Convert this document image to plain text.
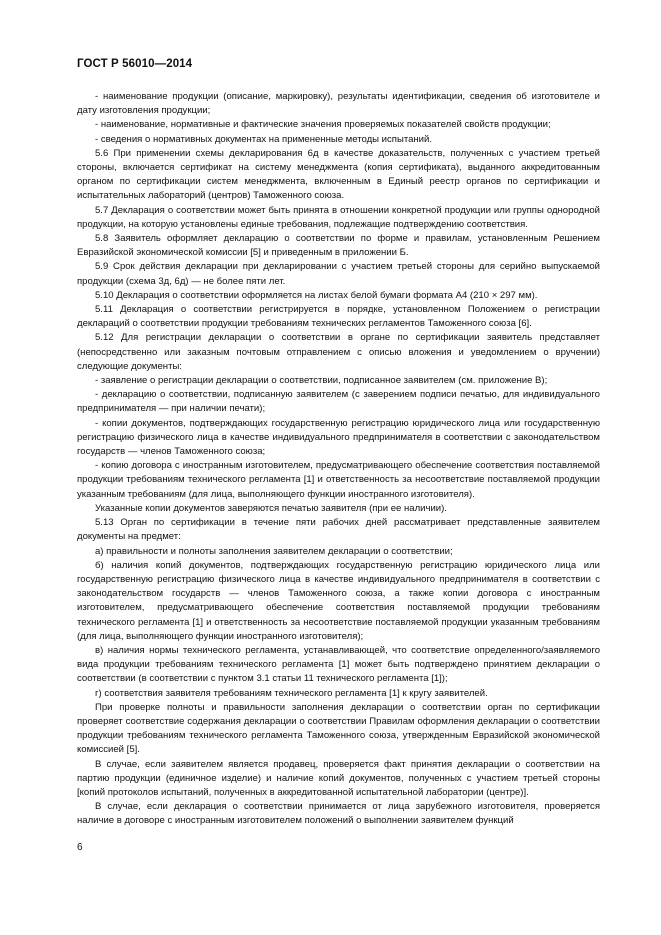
ГОСТ Р 56010—2014

- наименование продукции (описание, маркировку), результаты идентификации, сведения об изготовителе и дату изготовления продукции;

- наименование, нормативные и фактические значения проверяемых показателей свойств продукции;

- сведения о нормативных документах на примененные методы испытаний.

5.6 При применении схемы декларирования 6д в качестве доказательств, полученных с участием третьей стороны, включается сертификат на систему менеджмента (копия сертификата), выданного аккредитованным органом по сертификации систем менеджмента, включенным в Единый реестр органов по сертификации и испытательных лабораторий (центров) Таможенного союза.

5.7 Декларация о соответствии может быть принята в отношении конкретной продукции или группы однородной продукции, на которую установлены единые требования, подлежащие подтверждению соответствия.

5.8 Заявитель оформляет декларацию о соответствии по форме и правилам, установленным Решением Евразийской экономической комиссии [5] и приведенным в приложении Б.

5.9 Срок действия декларации при декларировании с участием третьей стороны для серийно выпускаемой продукции (схема 3д, 6д) — не более пяти лет.

5.10 Декларация о соответствии оформляется на листах белой бумаги формата А4 (210 × 297 мм).

5.11 Декларация о соответствии регистрируется в порядке, установленном Положением о регистрации деклараций о соответствии продукции требованиям технических регламентов Таможенного союза [6].

5.12 Для регистрации декларации о соответствии в органе по сертификации заявитель представляет (непосредственно или заказным почтовым отправлением с описью вложения и уведомлением о вручении) следующие документы:

- заявление о регистрации декларации о соответствии, подписанное заявителем (см. приложение В);

- декларацию о соответствии, подписанную заявителем (с заверением подписи печатью, для индивидуального предпринимателя — при наличии печати);

- копии документов, подтверждающих государственную регистрацию юридического лица или государственную регистрацию физического лица в качестве индивидуального предпринимателя в соответствии с законодательством государств — членов Таможенного союза;

- копию договора с иностранным изготовителем, предусматривающего обеспечение соответствия поставляемой продукции требованиям технического регламента [1] и ответственность за несоответствие поставляемой продукции указанным требованиям (для лица, выполняющего функции иностранного изготовителя).

Указанные копии документов заверяются печатью заявителя (при ее наличии).

5.13 Орган по сертификации в течение пяти рабочих дней рассматривает представленные заявителем документы на предмет:

а) правильности и полноты заполнения заявителем декларации о соответствии;

б) наличия копий документов, подтверждающих государственную регистрацию юридического лица или государственную регистрацию физического лица в качестве индивидуального предпринимателя в соответствии с законодательством государств — членов Таможенного союза, а также копии договора с иностранным изготовителем, предусматривающего обеспечение соответствия поставляемой продукции требованиям технического регламента [1] и ответственность за несоответствие поставляемой продукции указанным требованиям (для лица, выполняющего функции иностранного изготовителя);

в) наличия нормы технического регламента, устанавливающей, что соответствие определенного/заявляемого вида продукции требованиям технического регламента [1] может быть подтверждено принятием декларации о соответствии (в соответствии с пунктом 3.1 статьи 11 технического регламента [1]);

г) соответствия заявителя требованиям технического регламента [1] к кругу заявителей.

При проверке полноты и правильности заполнения декларации о соответствии орган по сертификации проверяет соответствие содержания декларации о соответствии Правилам оформления декларации о соответствии продукции требованиям технического регламента Таможенного союза, утвержденным Евразийской экономической комиссией [5].

В случае, если заявителем является продавец, проверяется факт принятия декларации о соответствии на партию продукции (единичное изделие) и наличие копий документов, полученных с участием третьей стороны [копий протоколов испытаний, полученных в аккредитованной испытательной лаборатории (центре)].

В случае, если декларация о соответствии принимается от лица зарубежного изготовителя, проверяется наличие в договоре с иностранным изготовителем положений о выполнении заявителем функций

6
